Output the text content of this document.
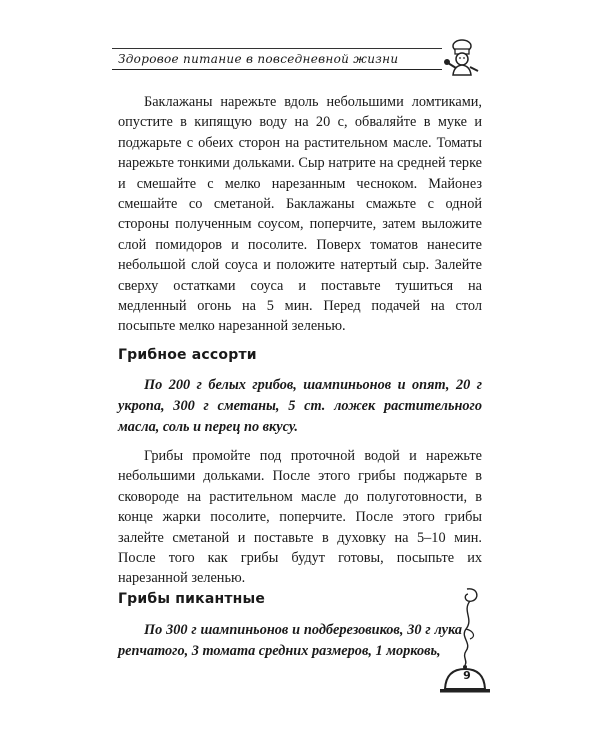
Здоровое питание в повседневной жизни

Баклажаны нарежьте вдоль небольшими ломтиками, опустите в кипящую воду на 20 с, обваляйте в муке и поджарьте с обеих сторон на растительном масле. Томаты нарежьте тонкими дольками. Сыр натрите на средней терке и смешайте с мелко нарезанным чесноком. Майонез смешайте со сметаной. Баклажаны смажьте с одной стороны полученным соусом, поперчите, затем выложите слой помидоров и посолите. Поверх томатов нанесите небольшой слой соуса и положите натертый сыр. Залейте сверху остатками соуса и поставьте тушиться на медленный огонь на 5 мин. Перед подачей на стол посыпьте мелко нарезанной зеленью.

Грибное ассорти

По 200 г белых грибов, шампиньонов и опят, 20 г укропа, 300 г сметаны, 5 ст. ложек растительного масла, соль и перец по вкусу.

Грибы промойте под проточной водой и нарежьте небольшими дольками. После этого грибы поджарьте в сковороде на растительном масле до полуготовности, в конце жарки посолите, поперчите. После этого грибы залейте сметаной и поставьте в духовку на 5–10 мин. После того как грибы будут готовы, посыпьте их нарезанной зеленью.

Грибы пикантные

По 300 г шампиньонов и подберезовиков, 30 г лука репчатого, 3 томата средних размеров, 1 морковь,

9
